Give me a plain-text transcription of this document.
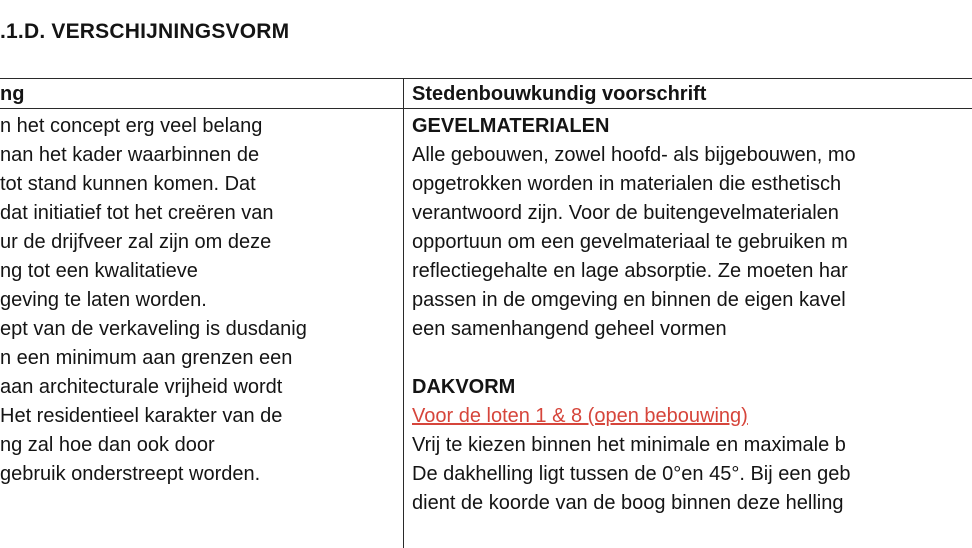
.1.D. VERSCHIJNINGSVORM
ng	Stedenbouwkundig voorschrift
n het concept erg veel belang
nan het kader waarbinnen de
tot stand kunnen komen. Dat
dat initiatief tot het creëren van
ur de drijfveer zal zijn om deze
ng tot een kwalitatieve
geving te laten worden.
ept van de verkaveling is dusdanig
n een minimum aan grenzen een
aan architecturale vrijheid wordt
Het residentieel karakter van de
ng zal hoe dan ook door
gebruik onderstreept worden.
GEVELMATERIALEN
Alle gebouwen, zowel hoofd- als bijgebouwen, mo
opgetrokken worden in materialen die esthetisch
verantwoord zijn. Voor de buitengevelmaterialen
opportuun om een gevelmateriaal te gebruiken m
reflectiegehalte en lage absorptie. Ze moeten har
passen in de omgeving en binnen de eigen kavel
een samenhangend geheel vormen
DAKVORM
Voor de loten 1 & 8 (open bebouwing)
Vrij te kiezen binnen het minimale en maximale b
De dakhelling ligt tussen de 0°en 45°. Bij een geb
dient de koorde van de boog binnen deze helling
